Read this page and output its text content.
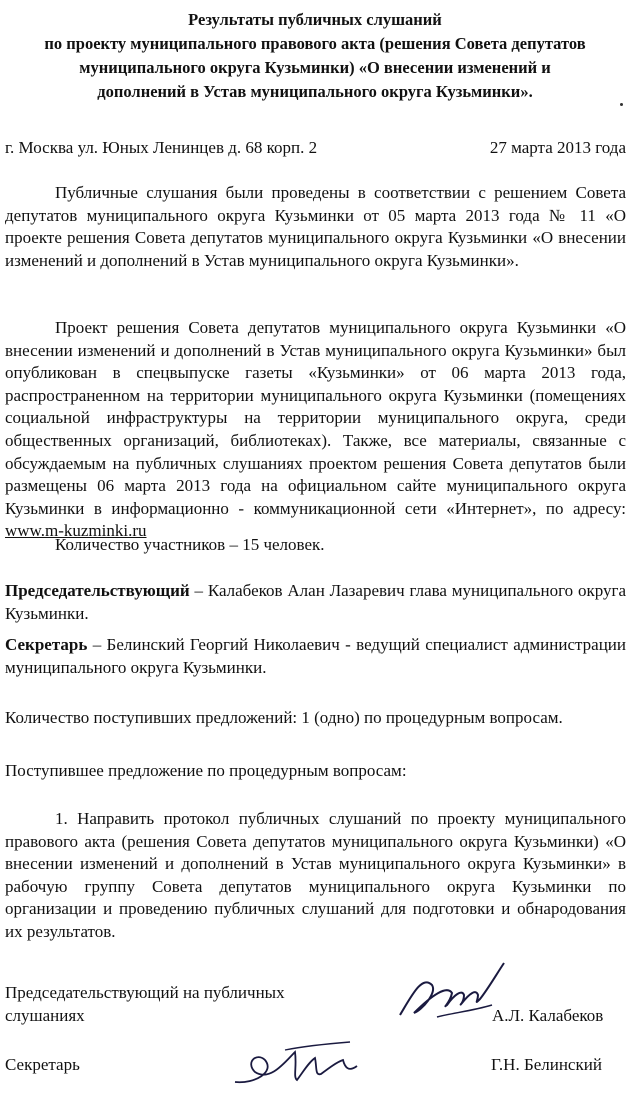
Результаты публичных слушаний
по проекту муниципального правового акта (решения Совета депутатов
муниципального округа Кузьминки) «О внесении изменений и
дополнений в Устав муниципального округа Кузьминки».
г. Москва ул. Юных Ленинцев д. 68 корп. 2	27 марта 2013 года
Публичные слушания были проведены в соответствии с решением Совета депутатов муниципального округа Кузьминки от 05 марта 2013 года № 11 «О проекте решения Совета депутатов муниципального округа Кузьминки «О внесении изменений и дополнений в Устав муниципального округа Кузьминки».
Проект решения Совета депутатов муниципального округа Кузьминки «О внесении изменений и дополнений в Устав муниципального округа Кузьминки» был опубликован в спецвыпуске газеты «Кузьминки» от 06 марта 2013 года, распространенном на территории муниципального округа Кузьминки (помещениях социальной инфраструктуры на территории муниципального округа, среди общественных организаций, библиотеках). Также, все материалы, связанные с обсуждаемым на публичных слушаниях проектом решения Совета депутатов были размещены 06 марта 2013 года на официальном сайте муниципального округа Кузьминки в информационно - коммуникационной сети «Интернет», по адресу: www.m-kuzminki.ru
Количество участников – 15 человек.
Председательствующий – Калабеков Алан Лазаревич глава муниципального округа Кузьминки.
Секретарь – Белинский Георгий Николаевич - ведущий специалист администрации муниципального округа Кузьминки.
Количество поступивших предложений: 1 (одно) по процедурным вопросам.
Поступившее предложение по процедурным вопросам:
1. Направить протокол публичных слушаний по проекту муниципального правового акта (решения Совета депутатов муниципального округа Кузьминки) «О внесении изменений и дополнений в Устав муниципального округа Кузьминки» в рабочую группу Совета депутатов муниципального округа Кузьминки по организации и проведению публичных слушаний для подготовки и обнародования их результатов.
Председательствующий на публичных
слушаниях	А.Л. Калабеков
Секретарь	Г.Н. Белинский
